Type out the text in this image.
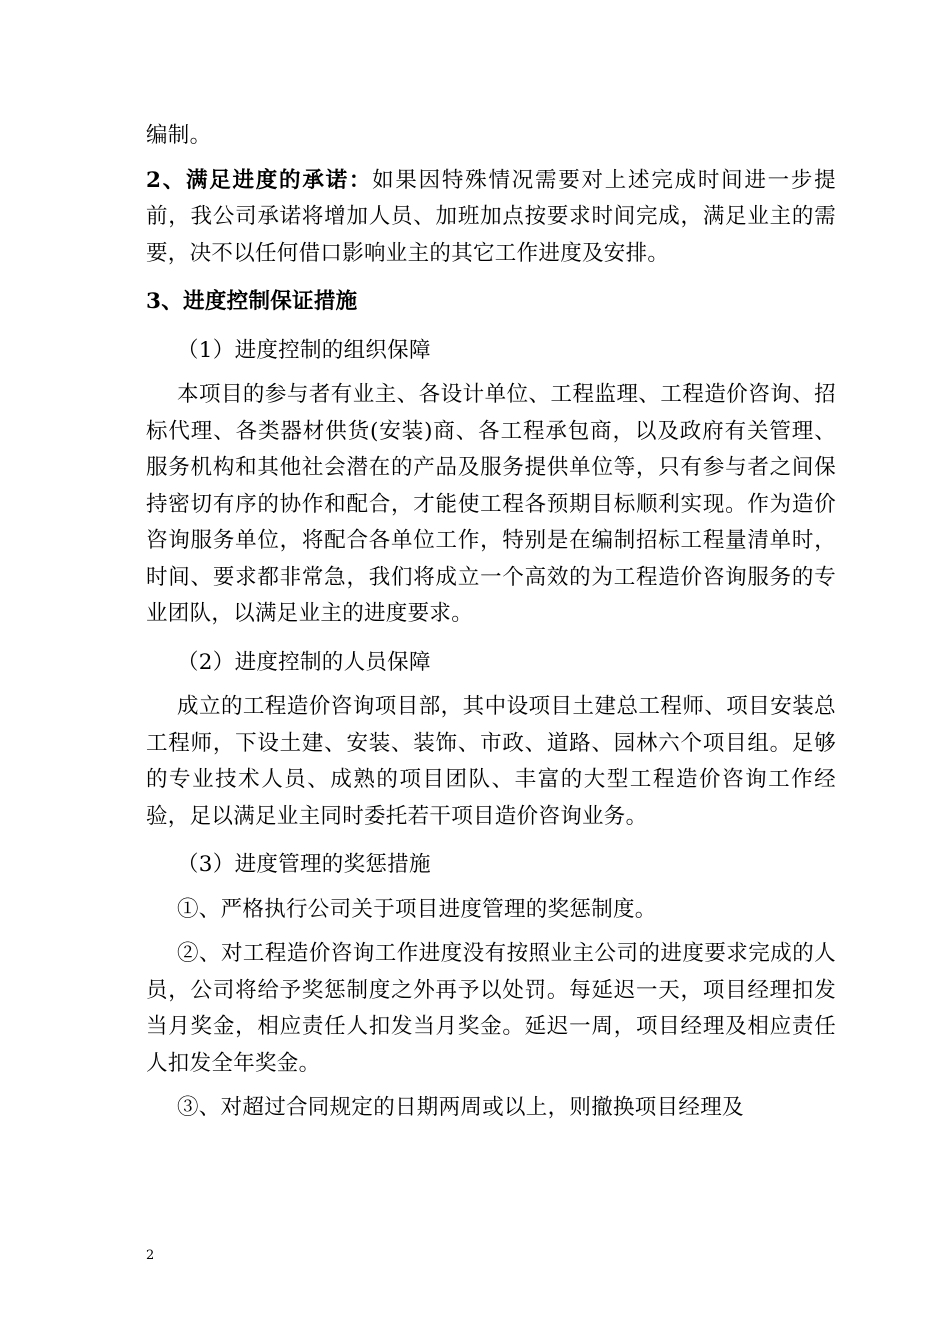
编制。

2、满足进度的承诺：如果因特殊情况需要对上述完成时间进一步提前，我公司承诺将增加人员、加班加点按要求时间完成，满足业主的需要，决不以任何借口影响业主的其它工作进度及安排。

3、进度控制保证措施

（1）进度控制的组织保障

本项目的参与者有业主、各设计单位、工程监理、工程造价咨询、招标代理、各类器材供货(安装)商、各工程承包商，以及政府有关管理、服务机构和其他社会潜在的产品及服务提供单位等，只有参与者之间保持密切有序的协作和配合，才能使工程各预期目标顺利实现。作为造价咨询服务单位，将配合各单位工作，特别是在编制招标工程量清单时，时间、要求都非常急，我们将成立一个高效的为工程造价咨询服务的专业团队，以满足业主的进度要求。

（2）进度控制的人员保障

成立的工程造价咨询项目部，其中设项目土建总工程师、项目安装总工程师，下设土建、安装、装饰、市政、道路、园林六个项目组。足够的专业技术人员、成熟的项目团队、丰富的大型工程造价咨询工作经验，足以满足业主同时委托若干项目造价咨询业务。

（3）进度管理的奖惩措施

①、严格执行公司关于项目进度管理的奖惩制度。

②、对工程造价咨询工作进度没有按照业主公司的进度要求完成的人员，公司将给予奖惩制度之外再予以处罚。每延迟一天，项目经理扣发当月奖金，相应责任人扣发当月奖金。延迟一周，项目经理及相应责任人扣发全年奖金。

③、对超过合同规定的日期两周或以上，则撤换项目经理及

2
